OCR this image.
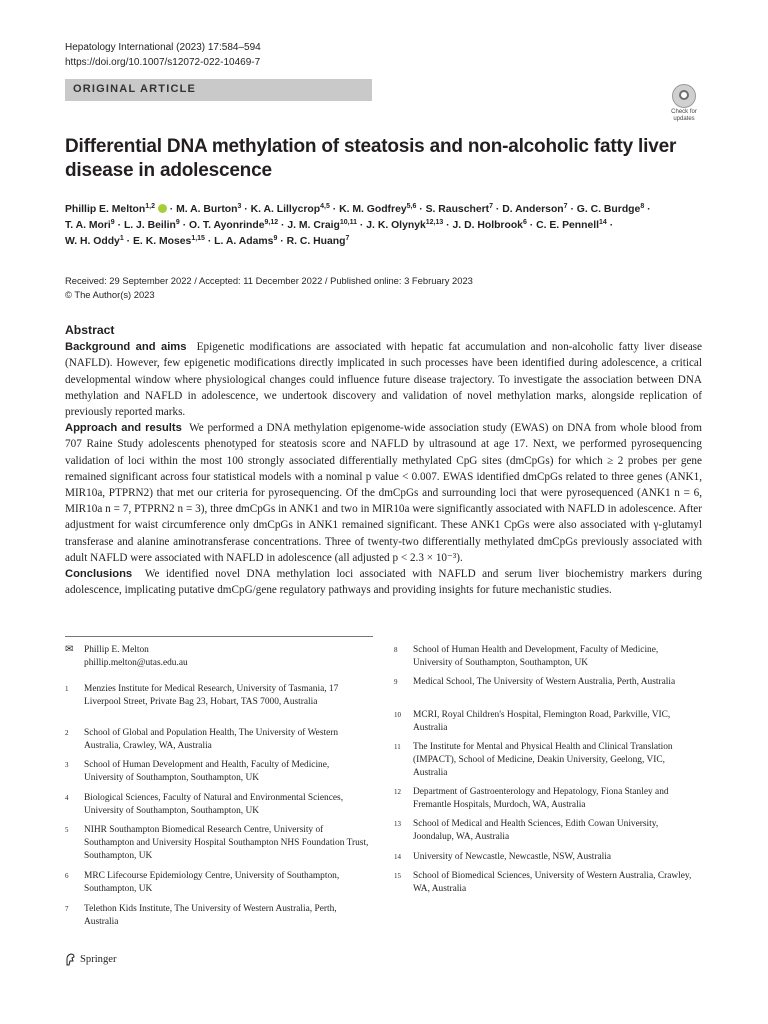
Hepatology International (2023) 17:584–594
https://doi.org/10.1007/s12072-022-10469-7
ORIGINAL ARTICLE
Check for updates
Differential DNA methylation of steatosis and non-alcoholic fatty liver disease in adolescence
Phillip E. Melton$^{1,2}$  · M. A. Burton$^3$ · K. A. Lillycrop$^{4,5}$ · K. M. Godfrey$^{5,6}$ · S. Rauschert$^7$ · D. Anderson$^7$ · G. C. Burdge$^8$ ·
T. A. Mori$^9$ · L. J. Beilin$^9$ · O. T. Ayonrinde$^{9,12}$ · J. M. Craig$^{10,11}$ · J. K. Olynyk$^{12,13}$ · J. D. Holbrook$^6$ · C. E. Pennell$^{14}$ ·
W. H. Oddy$^1$ · E. K. Moses$^{1,15}$ · L. A. Adams$^9$ · R. C. Huang$^7$
Received: 29 September 2022 / Accepted: 11 December 2022 / Published online: 3 February 2023
© The Author(s) 2023
Abstract

Background and aims Epigenetic modifications are associated with hepatic fat accumulation and non-alcoholic fatty liver disease (NAFLD). However, few epigenetic modifications directly implicated in such processes have been identified during adolescence, a critical developmental window where physiological changes could influence future disease trajectory. To investigate the association between DNA methylation and NAFLD in adolescence, we undertook discovery and validation of novel methylation marks, alongside replication of previously reported marks.

Approach and results We performed a DNA methylation epigenome-wide association study (EWAS) on DNA from whole blood from 707 Raine Study adolescents phenotyped for steatosis score and NAFLD by ultrasound at age 17. Next, we performed pyrosequencing validation of loci within the most 100 strongly associated differentially methylated CpG sites (dmCpGs) for which ≥ 2 probes per gene remained significant across four statistical models with a nominal p value < 0.007. EWAS identified dmCpGs related to three genes (ANK1, MIR10a, PTPRN2) that met our criteria for pyrosequencing. Of the dmCpGs and surrounding loci that were pyrosequenced (ANK1 n = 6, MIR10a n = 7, PTPRN2 n = 3), three dmCpGs in ANK1 and two in MIR10a were significantly associated with NAFLD in adolescence. After adjustment for waist circumference only dmCpGs in ANK1 remained significant. These ANK1 CpGs were also associated with γ-glutamyl transferase and alanine aminotransferase concentrations. Three of twenty-two differentially methylated dmCpGs previously associated with adult NAFLD were associated with NAFLD in adolescence (all adjusted p < 2.3 × 10⁻³).

Conclusions We identified novel DNA methylation loci associated with NAFLD and serum liver biochemistry markers during adolescence, implicating putative dmCpG/gene regulatory pathways and providing insights for future mechanistic studies.

✉ Phillip E. Melton
phillip.melton@utas.edu.au
1 Menzies Institute for Medical Research, University of Tasmania, 17 Liverpool Street, Private Bag 23, Hobart, TAS 7000, Australia
2 School of Global and Population Health, The University of Western Australia, Crawley, WA, Australia
3 School of Human Development and Health, Faculty of Medicine, University of Southampton, Southampton, UK
4 Biological Sciences, Faculty of Natural and Environmental Sciences, University of Southampton, Southampton, UK
5 NIHR Southampton Biomedical Research Centre, University of Southampton and University Hospital Southampton NHS Foundation Trust, Southampton, UK
6 MRC Lifecourse Epidemiology Centre, University of Southampton, Southampton, UK
7 Telethon Kids Institute, The University of Western Australia, Perth, Australia
8 School of Human Health and Development, Faculty of Medicine, University of Southampton, Southampton, UK
9 Medical School, The University of Western Australia, Perth, Australia
10 MCRI, Royal Children's Hospital, Flemington Road, Parkville, VIC, Australia
11 The Institute for Mental and Physical Health and Clinical Translation (IMPACT), School of Medicine, Deakin University, Geelong, VIC, Australia
12 Department of Gastroenterology and Hepatology, Fiona Stanley and Fremantle Hospitals, Murdoch, WA, Australia
13 School of Medical and Health Sciences, Edith Cowan University, Joondalup, WA, Australia
14 University of Newcastle, Newcastle, NSW, Australia
15 School of Biomedical Sciences, University of Western Australia, Crawley, WA, Australia
Springer
